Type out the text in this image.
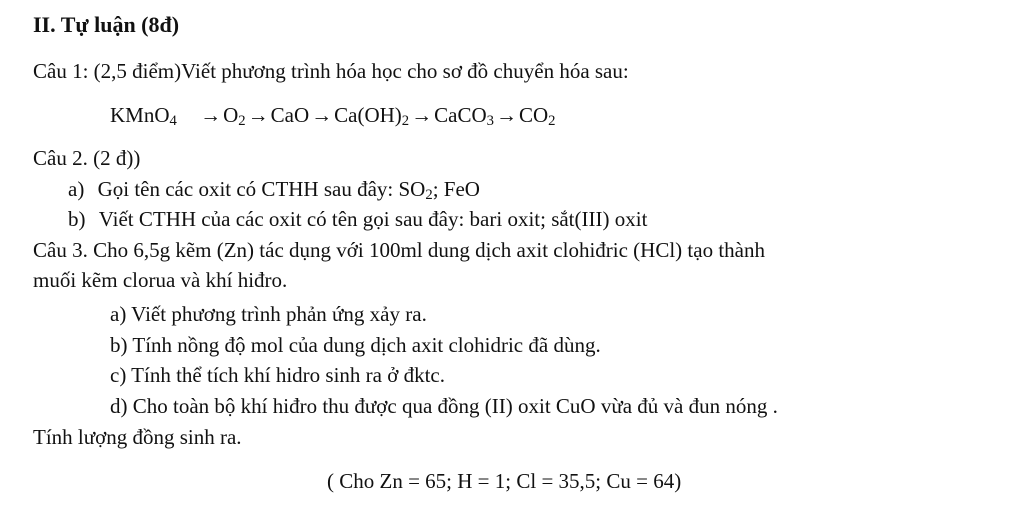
II. Tự luận (8đ)
Câu 1: (2,5 điểm)Viết phương trình hóa học cho sơ đồ chuyển hóa sau:
KMnO$_4$ $\to O_2\to CaO\to Ca(OH)_2\to CaCO_3\to CO_2$
Câu 2. (2 đ))
a) Gọi tên các oxit có CTHH sau đây: $SO_2$; FeO
b) Viết CTHH của các oxit có tên gọi sau đây: bari oxit; sắt(III) oxit
Câu 3. Cho 6,5g kẽm (Zn) tác dụng với 100ml dung dịch axit clohiđric (HCl) tạo thành
muối kẽm clorua và khí hiđro.
a) Viết phương trình phản ứng xảy ra.
b) Tính nồng độ mol của dung dịch axit clohidric đã dùng.
c) Tính thể tích khí hidro sinh ra ở đktc.
d) Cho toàn bộ khí hiđro thu được qua đồng (II) oxit CuO vừa đủ và đun nóng .
Tính lượng đồng sinh ra.
( Cho Zn = 65; H = 1; Cl = 35,5; Cu = 64)
